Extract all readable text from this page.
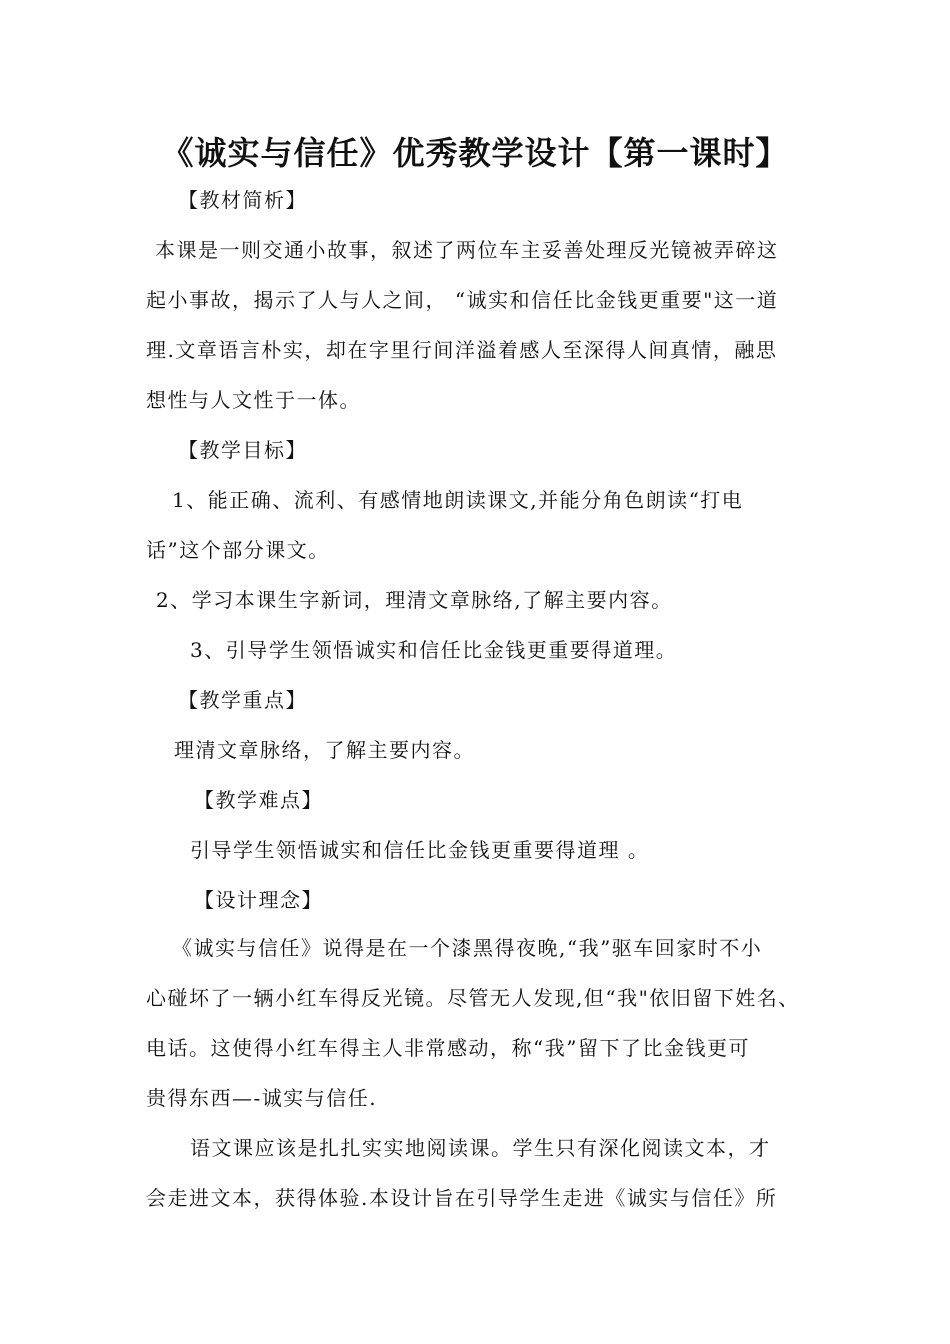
《诚实与信任》优秀教学设计【第一课时】
【教材简析】
本课是一则交通小故事，叙述了两位车主妥善处理反光镜被弄碎这
起小事故，揭示了人与人之间， “诚实和信任比金钱更重要"这一道
理.文章语言朴实，却在字里行间洋溢着感人至深得人间真情，融思
想性与人文性于一体。
【教学目标】
1、能正确、流利、有感情地朗读课文,并能分角色朗读“打电
话”这个部分课文。
2、学习本课生字新词，理清文章脉络,了解主要内容。
3、引导学生领悟诚实和信任比金钱更重要得道理。
【教学重点】
理清文章脉络，了解主要内容。
【教学难点】
引导学生领悟诚实和信任比金钱更重要得道理 。
【设计理念】
《诚实与信任》说得是在一个漆黑得夜晚,“我”驱车回家时不小
心碰坏了一辆小红车得反光镜。尽管无人发现,但“我"依旧留下姓名、
电话。这使得小红车得主人非常感动，称“我”留下了比金钱更可
贵得东西—-诚实与信任.
语文课应该是扎扎实实地阅读课。学生只有深化阅读文本，才
会走进文本，获得体验.本设计旨在引导学生走进《诚实与信任》所
